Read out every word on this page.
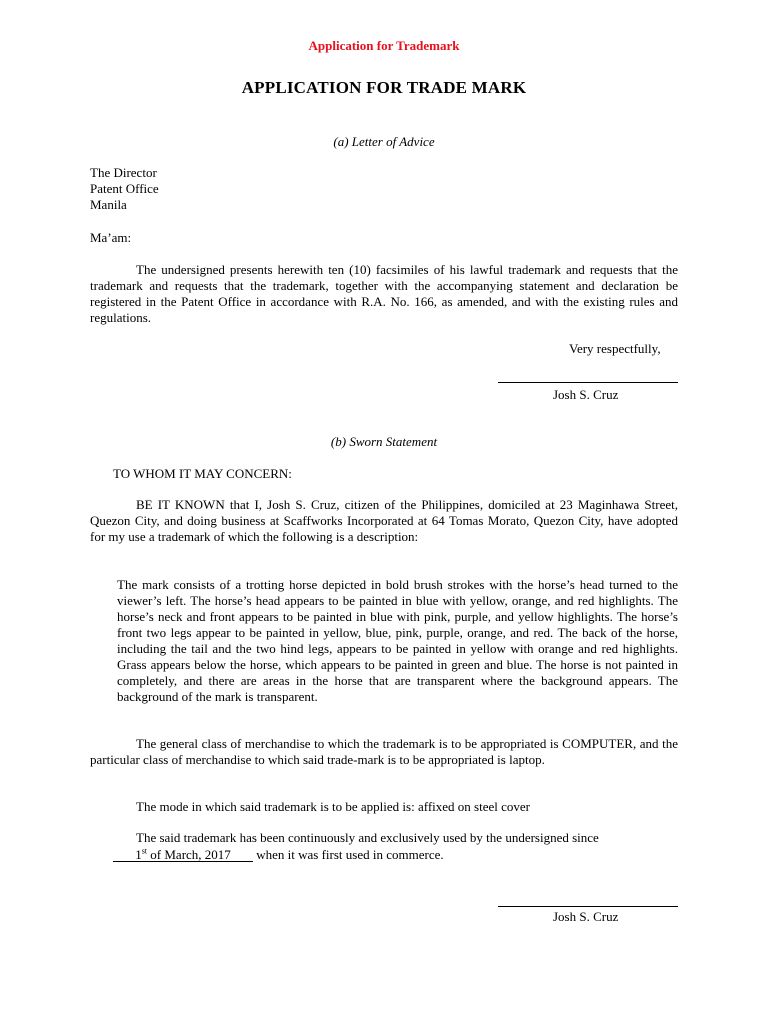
Application for Trademark
APPLICATION FOR TRADE MARK
(a) Letter of Advice
The Director
Patent Office
Manila
Ma’am:
The undersigned presents herewith ten (10) facsimiles of his lawful trademark and requests that the trademark and requests that the trademark, together with the accompanying statement and declaration be registered in the Patent Office in accordance with R.A. No. 166, as amended, and with the existing rules and regulations.
Very respectfully,
Josh S. Cruz
(b) Sworn Statement
TO WHOM IT MAY CONCERN:
BE IT KNOWN that I, Josh S. Cruz, citizen of the Philippines, domiciled at 23 Maginhawa Street, Quezon City, and doing business at Scaffworks Incorporated at 64 Tomas Morato, Quezon City, have adopted for my use a trademark of which the following is a description:
The mark consists of a trotting horse depicted in bold brush strokes with the horse’s head turned to the viewer’s left. The horse’s head appears to be painted in blue with yellow, orange, and red highlights. The horse’s neck and front appears to be painted in blue with pink, purple, and yellow highlights. The horse’s front two legs appear to be painted in yellow, blue, pink, purple, orange, and red. The back of the horse, including the tail and the two hind legs, appears to be painted in yellow with orange and red highlights. Grass appears below the horse, which appears to be painted in green and blue. The horse is not painted in completely, and there are areas in the horse that are transparent where the background appears. The background of the mark is transparent.
The general class of merchandise to which the trademark is to be appropriated is COMPUTER, and the particular class of merchandise to which said trade-mark is to be appropriated is laptop.
The mode in which said trademark is to be applied is: affixed on steel cover
The said trademark has been continuously and exclusively used by the undersigned since
1st of March, 2017 when it was first used in commerce.
Josh S. Cruz
